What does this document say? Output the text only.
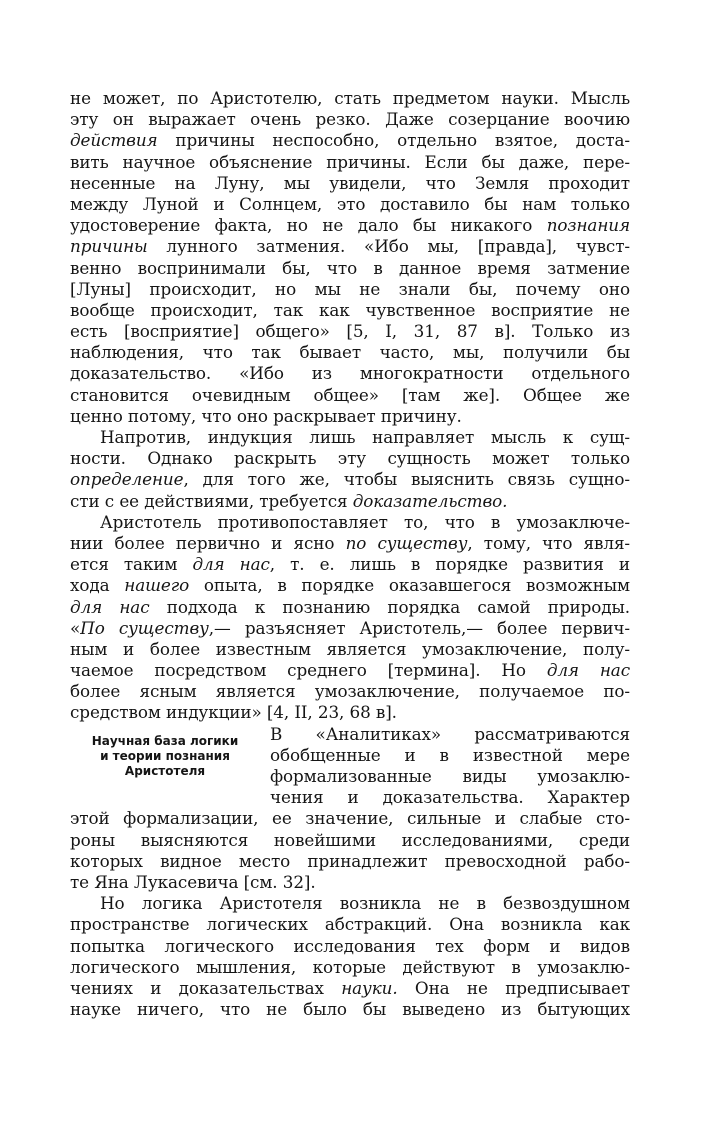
не может, по Аристотелю, стать предметом науки. Мысль
эту он выражает очень резко. Даже созерцание воочию
действия причины неспособно, отдельно взятое, доста-
вить научное объяснение причины. Если бы даже, пере-
несенные на Луну, мы увидели, что Земля проходит
между Луной и Солнцем, это доставило бы нам только
удостоверение факта, но не дало бы никакого познания
причины лунного затмения. «Ибо мы, [правда], чувст-
венно воспринимали бы, что в данное время затмение
[Луны] происходит, но мы не знали бы, почему оно
вообще происходит, так как чувственное восприятие не
есть [восприятие] общего» [5, I, 31, 87 в]. Только из
наблюдения, что так бывает часто, мы, получили бы
доказательство. «Ибо из многократности отдельного
становится очевидным общее» [там же]. Общее же
ценно потому, что оно раскрывает причину.
Напротив, индукция лишь направляет мысль к сущ-
ности. Однако раскрыть эту сущность может только
определение, для того же, чтобы выяснить связь сущно-
сти с ее действиями, требуется доказательство.
Аристотель противопоставляет то, что в умозаключе-
нии более первично и ясно по существу, тому, что явля-
ется таким для нас, т. е. лишь в порядке развития и
хода нашего опыта, в порядке оказавшегося возможным
для нас подхода к познанию порядка самой природы.
«По существу,— разъясняет Аристотель,— более первич-
ным и более известным является умозаключение, полу-
чаемое посредством среднего [термина]. Но для нас
более ясным является умозаключение, получаемое по-
средством индукции» [4, II, 23, 68 в].
В «Аналитиках» рассматриваются
обобщенные и в известной мере
формализованные виды умозаклю-
чения и доказательства. Характер
этой формализации, ее значение, сильные и слабые сто-
роны выясняются новейшими исследованиями, среди
которых видное место принадлежит превосходной рабо-
те Яна Лукасевича [см. 32].
Но логика Аристотеля возникла не в безвоздушном
пространстве логических абстракций. Она возникла как
попытка логического исследования тех форм и видов
логического мышления, которые действуют в умозаклю-
чениях и доказательствах науки. Она не предписывает
науке ничего, что не было бы выведено из бытующих
Научная база логики
и теории познания
Аристотеля
